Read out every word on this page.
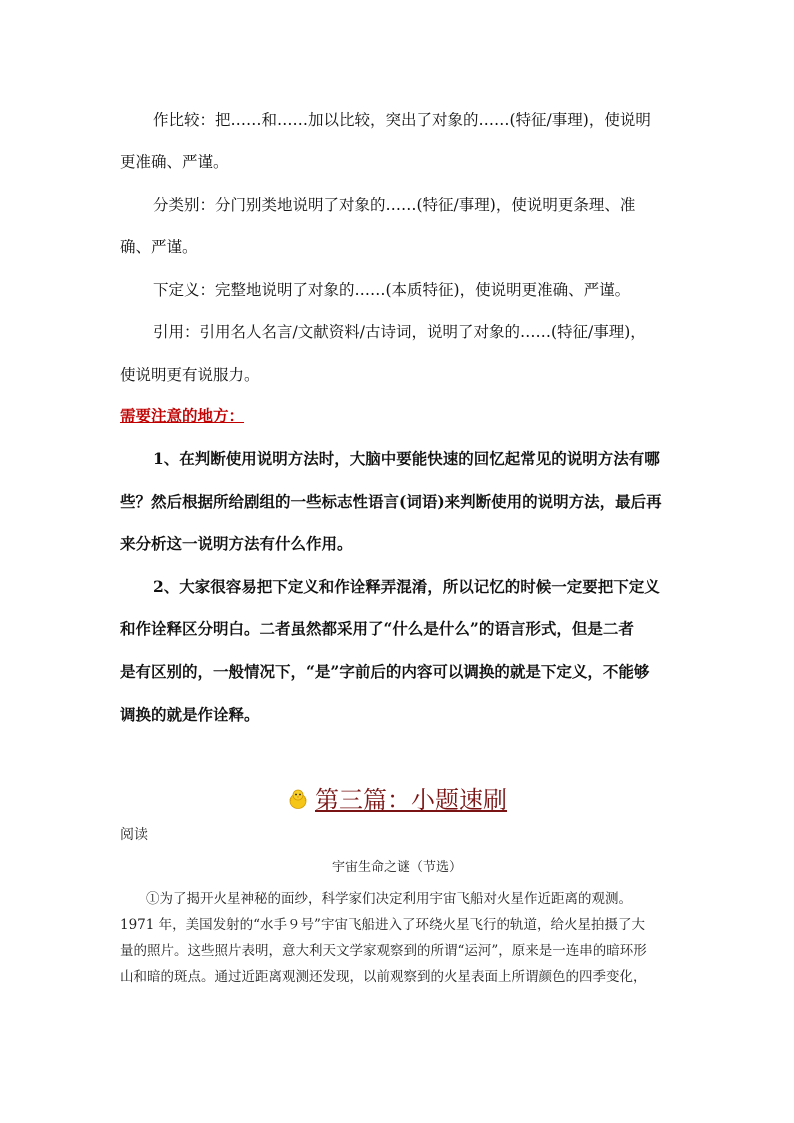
作比较：把……和……加以比较，突出了对象的……(特征/事理)，使说明
更准确、严谨。
分类别：分门别类地说明了对象的……(特征/事理)，使说明更条理、准
确、严谨。
下定义：完整地说明了对象的……(本质特征)，使说明更准确、严谨。
引用：引用名人名言/文献资料/古诗词，说明了对象的……(特征/事理)，
使说明更有说服力。
需要注意的地方：
1、在判断使用说明方法时，大脑中要能快速的回忆起常见的说明方法有哪
些？然后根据所给剧组的一些标志性语言(词语)来判断使用的说明方法，最后再
来分析这一说明方法有什么作用。
2、大家很容易把下定义和作诠释弄混淆，所以记忆的时候一定要把下定义
和作诠释区分明白。二者虽然都采用了“什么是什么”的语言形式，但是二者
是有区别的，一般情况下，“是”字前后的内容可以调换的就是下定义，不能够
调换的就是作诠释。
第三篇：小题速刷
阅读
宇宙生命之谜（节选）
①为了揭开火星神秘的面纱，科学家们决定利用宇宙飞船对火星作近距离的观测。
1971 年，美国发射的“水手９号”宇宙飞船进入了环绕火星飞行的轨道，给火星拍摄了大
量的照片。这些照片表明，意大利天文学家观察到的所谓“运河”，原来是一连串的暗环形
山和暗的斑点。通过近距离观测还发现，以前观察到的火星表面上所谓颜色的四季变化，
